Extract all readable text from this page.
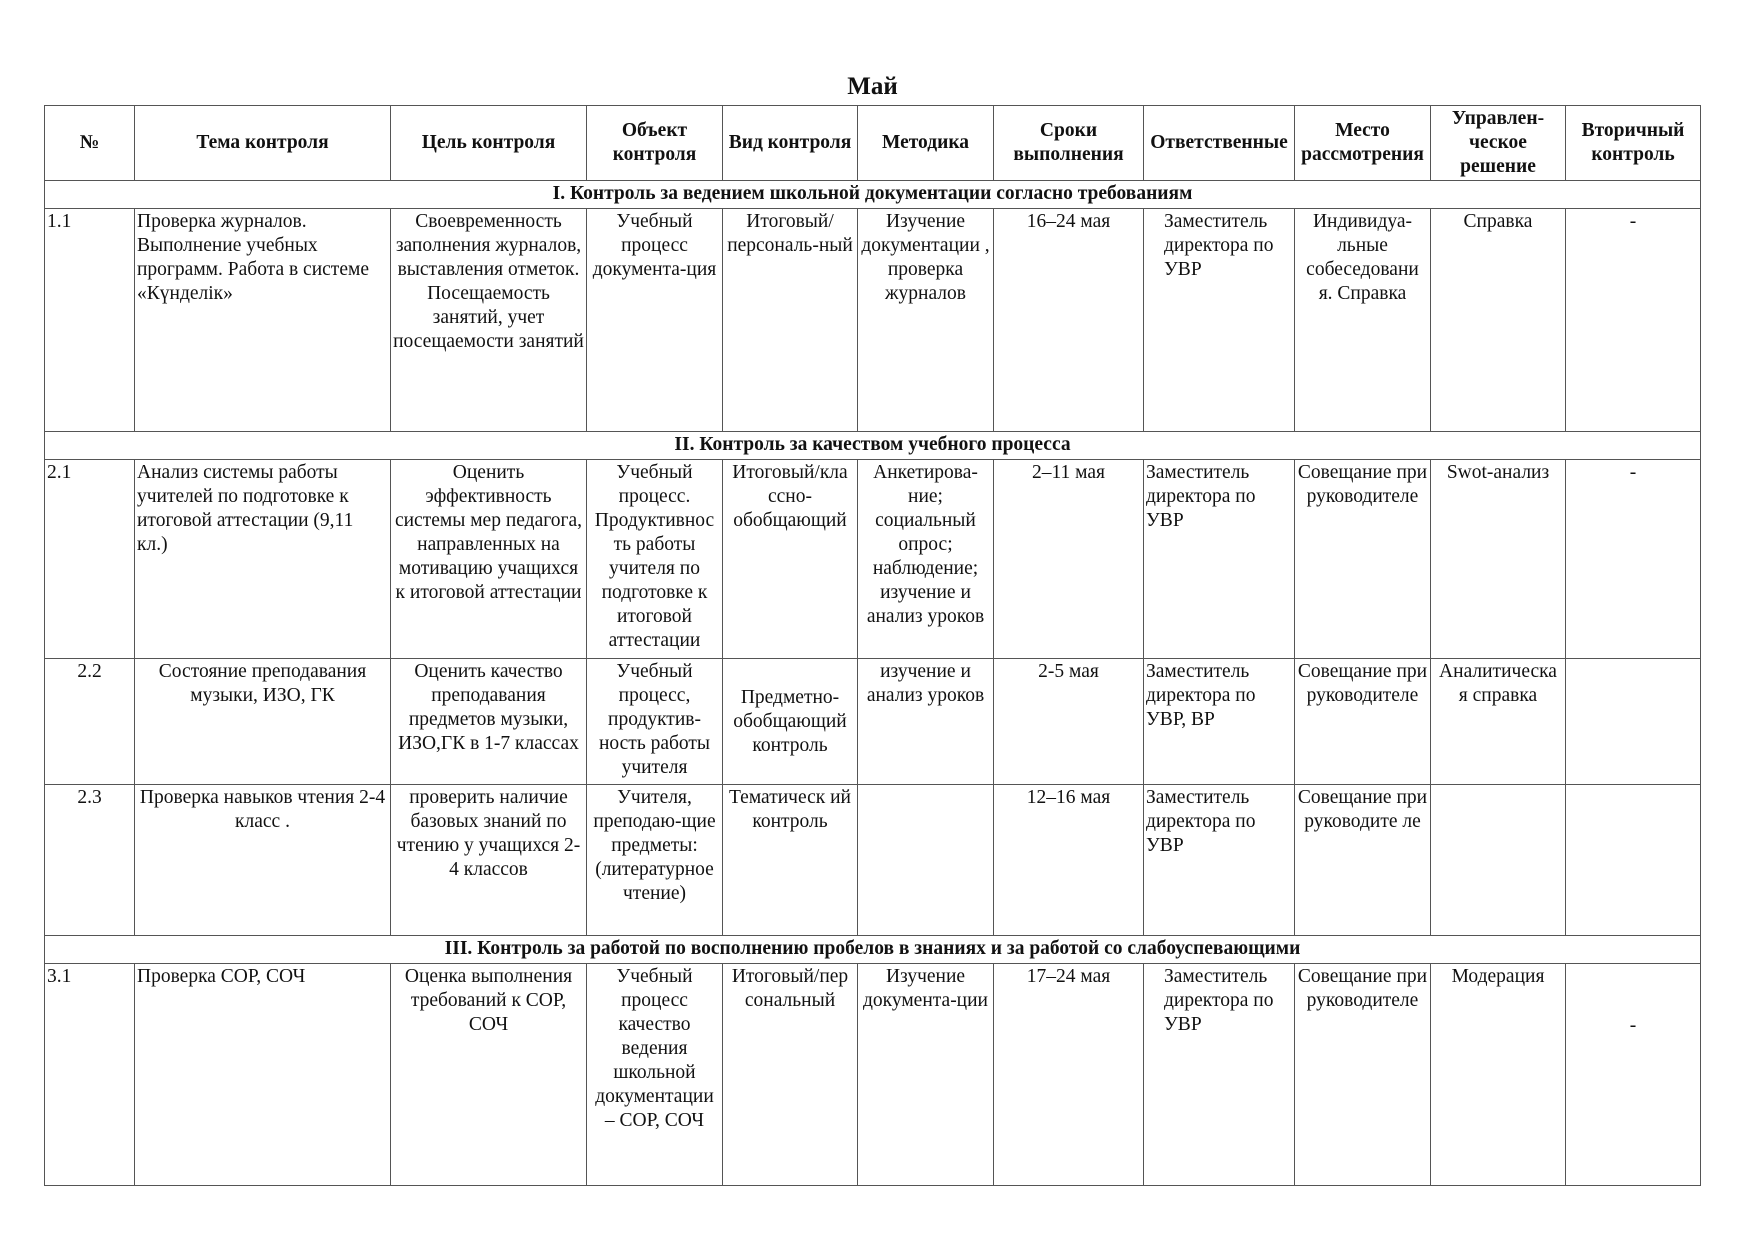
Май
№	Тема контроля	Цель контроля	Объект контроля	Вид контроля	Методика	Сроки выполнения	Ответственные	Место рассмотрения	Управлен-ческое решение	Вторичный контроль
I. Контроль за ведением школьной документации согласно требованиям										
1.1	Проверка журналов. Выполнение учебных программ. Работа в системе «Күнделік»	Своевременность заполнения журналов, выставления отметок. Посещаемость занятий, учет посещаемости занятий	Учебный процесс документа-ция	Итоговый/ персональ-ный	Изучение документации , проверка журналов	16–24 мая	Заместитель директора по УВР	Индивидуа-льные собеседовани я. Справка	Справка	-
II. Контроль за качеством учебного процесса										
2.1	Анализ системы работы учителей по подготовке к итоговой аттестации (9,11 кл.)	Оценить эффективность системы мер педагога, направленных на мотивацию учащихся к итоговой аттестации	Учебный процесс. Продуктивнос ть работы учителя по подготовке к итоговой аттестации	Итоговый/кла ссно-обобщающий	Анкетирова-ние; социальный опрос; наблюдение; изучение и анализ уроков	2–11 мая	Заместитель директора по УВР	Совещание при руководителе	Swot-анализ	-
2.2	Состояние преподавания музыки, ИЗО, ГК	Оценить качество преподавания предметов музыки, ИЗО,ГК в 1-7 классах	Учебный процесс, продуктив-ность работы учителя	Предметно-обобщающий контроль	изучение и анализ уроков	2-5 мая	Заместитель директора по УВР, ВР	Совещание при руководителе	Аналитическа я справка	
2.3	Проверка навыков чтения 2-4 класс .	проверить наличие базовых знаний по чтению у учащихся 2-4 классов	Учителя, преподаю-щие предметы: (литературное чтение)	Тематическ ий контроль		12–16 мая	Заместитель директора по УВР	Совещание при руководите ле		
III. Контроль за работой по восполнению пробелов в знаниях и за работой со слабоуспевающими										
3.1	Проверка СОР, СОЧ	Оценка выполнения требований к СОР, СОЧ	Учебный процесс качество ведения школьной документации – СОР, СОЧ	Итоговый/пер сональный	Изучение документа-ции	17–24 мая	Заместитель директора по УВР	Совещание при руководителе	Модерация	-
